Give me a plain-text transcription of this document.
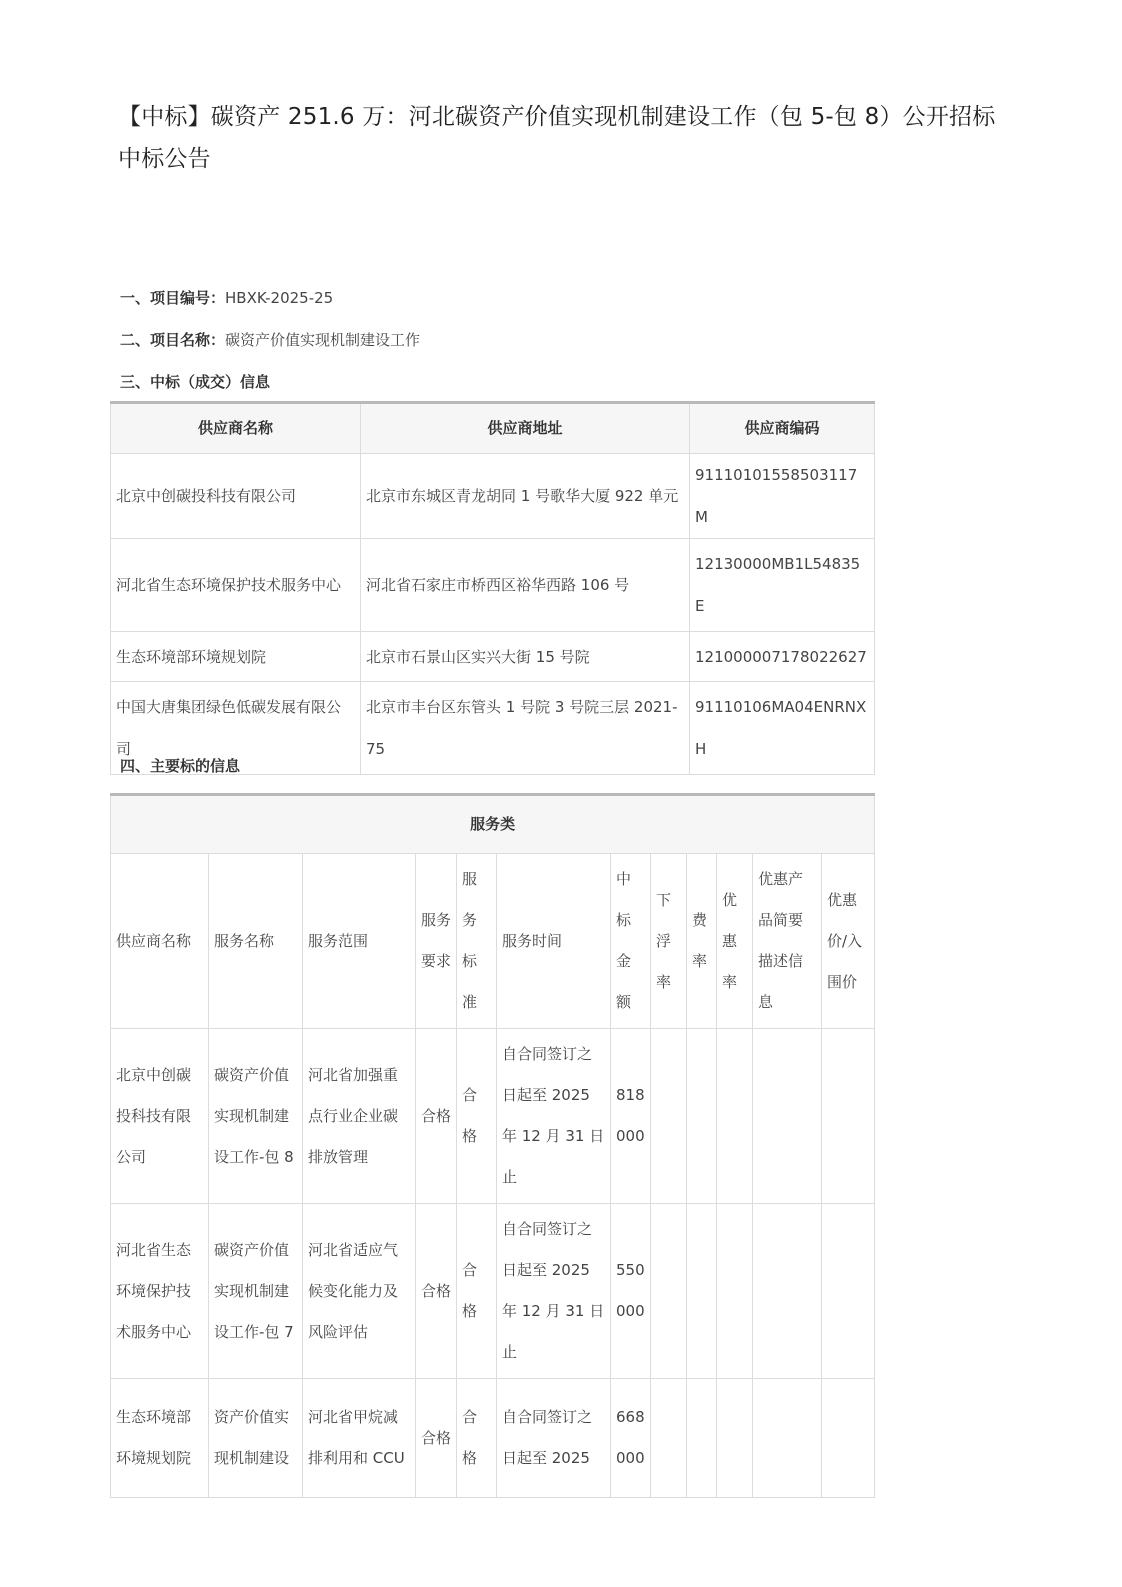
【中标】碳资产 251.6 万：河北碳资产价值实现机制建设工作（包 5-包 8）公开招标中标公告
一、项目编号：HBXK-2025-25
二、项目名称：碳资产价值实现机制建设工作
三、中标（成交）信息
供应商名称	供应商地址	供应商编码
北京中创碳投科技有限公司	北京市东城区青龙胡同 1 号歌华大厦 922 单元	91110101558503117M
河北省生态环境保护技术服务中心	河北省石家庄市桥西区裕华西路 106 号	12130000MB1L54835E
生态环境部环境规划院	北京市石景山区实兴大街 15 号院	121000007178022627
中国大唐集团绿色低碳发展有限公司	北京市丰台区东管头 1 号院 3 号院三层 2021-75	91110106MA04ENRNXH
四、主要标的信息
服务类											
供应商名称	服务名称	服务范围	服务要求	服务标准	服务时间	中标金额	下浮率	费率	优惠率	优惠产品简要描述信息	优惠价/入围价
北京中创碳投科技有限公司	碳资产价值实现机制建设工作-包 8	河北省加强重点行业企业碳排放管理	合格	合格	自合同签订之日起至 2025 年 12 月 31 日止	818000					
河北省生态环境保护技术服务中心	碳资产价值实现机制建设工作-包 7	河北省适应气候变化能力及风险评估	合格	合格	自合同签订之日起至 2025 年 12 月 31 日止	550000					
生态环境部环境规划院	资产价值实现机制建设	河北省甲烷减排利用和 CCU	合格	合格	自合同签订之日起至 2025	668000					
